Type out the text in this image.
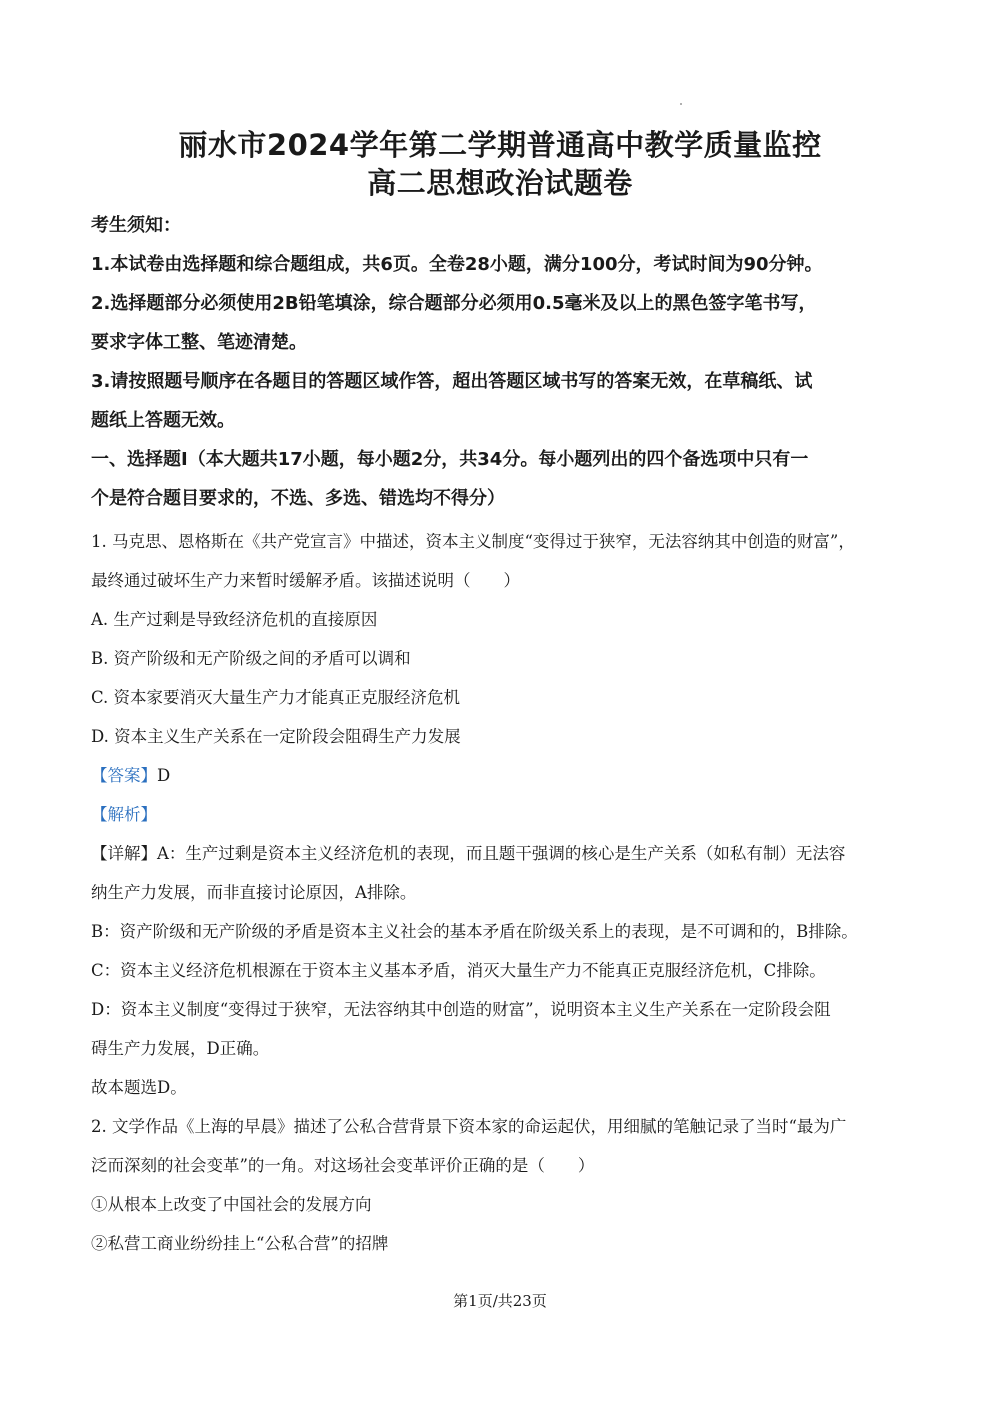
丽水市2024学年第二学期普通高中教学质量监控

高二思想政治试题卷

考生须知：
1.本试卷由选择题和综合题组成，共6页。全卷28小题，满分100分，考试时间为90分钟。
2.选择题部分必须使用2B铅笔填涂，综合题部分必须用0.5毫米及以上的黑色签字笔书写，
要求字体工整、笔迹清楚。
3.请按照题号顺序在各题目的答题区域作答，超出答题区域书写的答案无效，在草稿纸、试
题纸上答题无效。
一、选择题Ⅰ（本大题共17小题，每小题2分，共34分。每小题列出的四个备选项中只有一
个是符合题目要求的，不选、多选、错选均不得分）
1. 马克思、恩格斯在《共产党宣言》中描述，资本主义制度“变得过于狭窄，无法容纳其中创造的财富”，
最终通过破坏生产力来暂时缓解矛盾。该描述说明（　　）
A. 生产过剩是导致经济危机的直接原因
B. 资产阶级和无产阶级之间的矛盾可以调和
C. 资本家要消灭大量生产力才能真正克服经济危机
D. 资本主义生产关系在一定阶段会阻碍生产力发展
【答案】D
【解析】
【详解】A：生产过剩是资本主义经济危机的表现，而且题干强调的核心是生产关系（如私有制）无法容
纳生产力发展，而非直接讨论原因，A排除。
B：资产阶级和无产阶级的矛盾是资本主义社会的基本矛盾在阶级关系上的表现，是不可调和的，B排除。
C：资本主义经济危机根源在于资本主义基本矛盾，消灭大量生产力不能真正克服经济危机，C排除。
D：资本主义制度“变得过于狭窄，无法容纳其中创造的财富”，说明资本主义生产关系在一定阶段会阻
碍生产力发展，D正确。
故本题选D。
2. 文学作品《上海的早晨》描述了公私合营背景下资本家的命运起伏，用细腻的笔触记录了当时“最为广
泛而深刻的社会变革”的一角。对这场社会变革评价正确的是（　　）
①从根本上改变了中国社会的发展方向
②私营工商业纷纷挂上“公私合营”的招牌
第1页/共23页
